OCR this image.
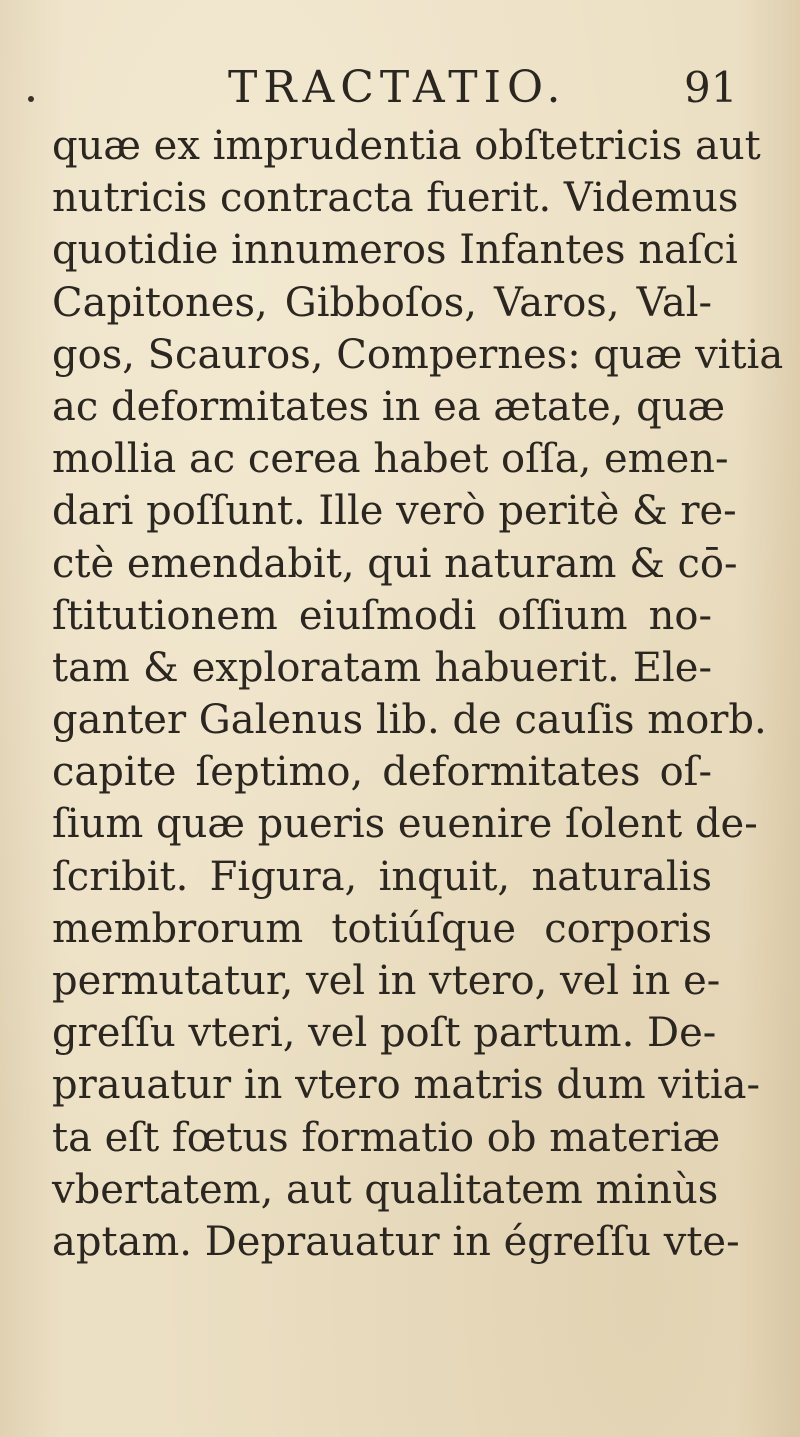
TRACTATIO.	91
quæ ex imprudentia obſtetricis aut
nutricis contracta fuerit. Videmus
quotidie innumeros Infantes naſci
Capitones, Gibboſos, Varos, Val-
gos, Scauros, Compernes: quæ vitia
ac deformitates in ea ætate, quæ
mollia ac cerea habet oſſa, emen-
dari poſſunt. Ille verò peritè & re-
ctè emendabit, qui naturam & cō-
ſtitutionem eiuſmodi oſſium no-
tam & exploratam habuerit. Ele-
ganter Galenus lib. de cauſis morb.
capite ſeptimo, deformitates oſ-
ſium quæ pueris euenire ſolent de-
ſcribit. Figura, inquit, naturalis
membrorum totiúſque corporis
permutatur, vel in vtero, vel in e-
greſſu vteri, vel poſt partum. De-
prauatur in vtero matris dum vitia-
ta eſt fœtus formatio ob materiæ
vbertatem, aut qualitatem minùs
aptam. Deprauatur in égreſſu vte-
